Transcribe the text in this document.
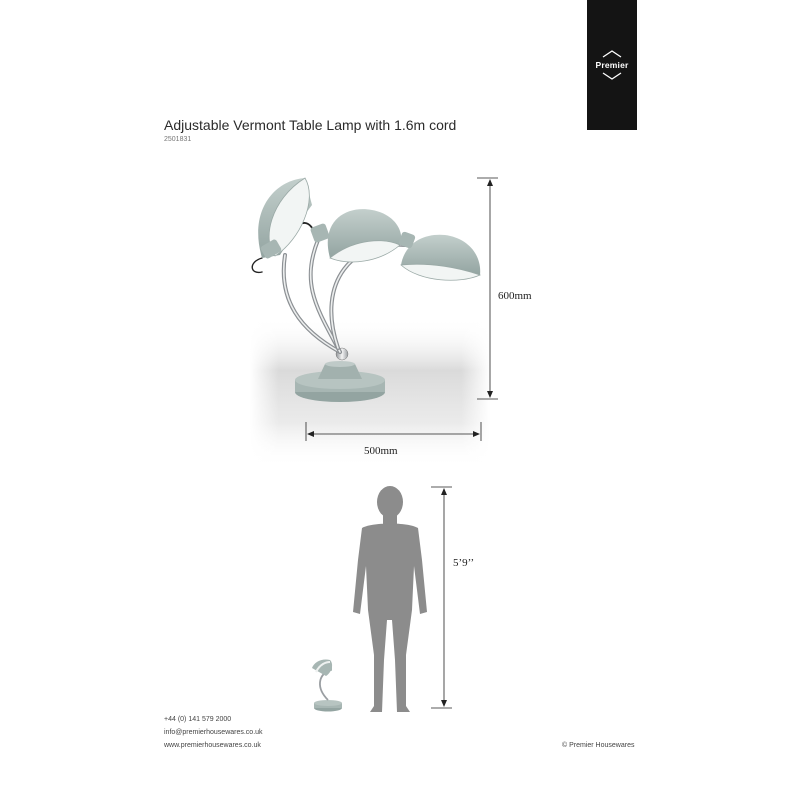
Premier
Adjustable Vermont Table Lamp with 1.6m cord
2501831
600mm
500mm
5’9’’
+44 (0) 141 579 2000
info@premierhousewares.co.uk
www.premierhousewares.co.uk	© Premier Housewares
